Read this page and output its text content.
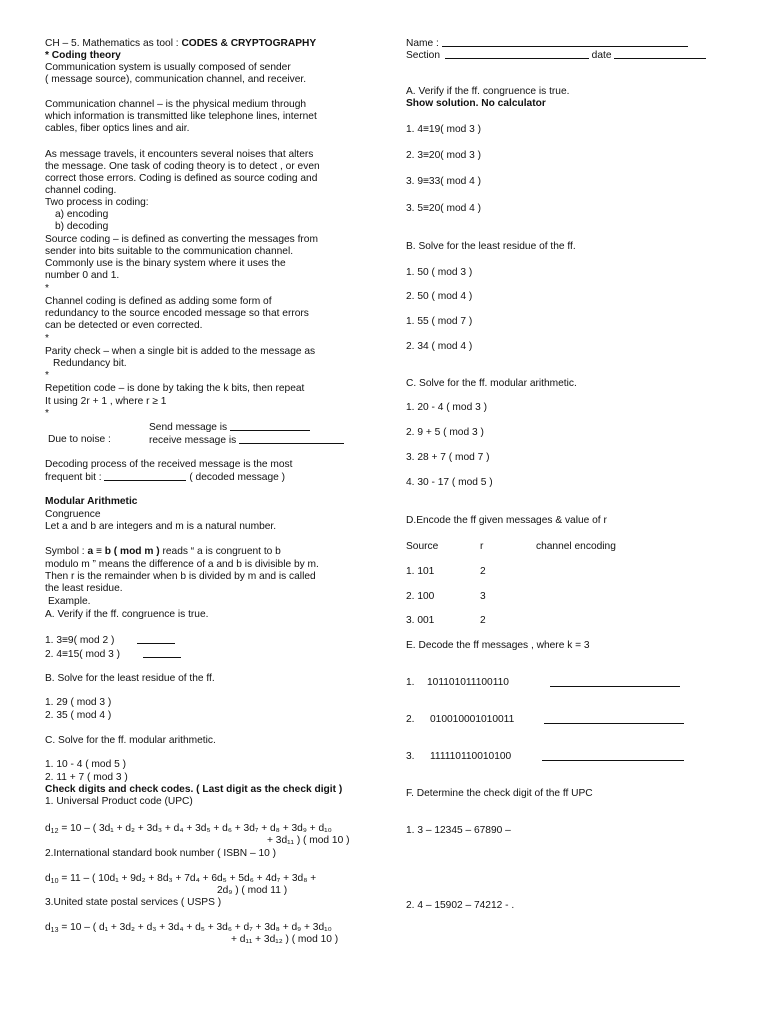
CH – 5. Mathematics as tool : CODES & CRYPTOGRAPHY
* Coding theory
Communication system is usually composed of sender
( message source), communication channel, and receiver.
Communication channel – is the physical medium through
which information is transmitted like telephone lines, internet
cables, fiber optics lines and air.
As message travels, it encounters several noises that alters
the message. One task of coding theory is to detect , or even
correct those errors. Coding is defined as source coding and
channel coding.
Two process in coding:
a) encoding
b) decoding
Source coding – is defined as converting the messages from
sender into bits suitable to the communication channel.
Commonly use is the binary system where it uses the
number 0 and 1.
*
Channel coding is defined as adding some form of
redundancy to the source encoded message so that errors
can be detected or even corrected.
*
Parity check – when a single bit is added to the message as
Redundancy bit.
*
Repetition code – is done by taking the k bits, then repeat
It using 2r + 1 , where r ≥ 1
*
Send message is
Due to noise :	receive message is
Decoding process of the received message is the most
frequent bit :	( decoded message )
Modular Arithmetic
Congruence
Let a and b are integers and m is a natural number.
Symbol : a ≡ b ( mod m ) reads “ a is congruent to b
modulo m ” means the difference of a and b is divisible by m.
Then r is the remainder when b is divided by m and is called
the least residue.
Example.
A. Verify if the ff. congruence is true.
1. 3≡9( mod 2 )
2. 4≡15( mod 3 )
B. Solve for the least residue of the ff.
1. 29 ( mod 3 )
2. 35 ( mod 4 )
C. Solve for the ff. modular arithmetic.
1. 10 - 4 ( mod 5 )
2. 11 + 7 ( mod 3 )
Check digits and check codes. ( Last digit as the check digit )
1. Universal Product code (UPC)
$d_{12} = 10$ – ( 3d₁ + d₂ + 3d₃ + d₄ + 3d₅ + d₆ + 3d₇ + d₈ + 3d₉ + d₁₀
+ 3d₁₁ ) ( mod 10 )
2.International standard book number ( ISBN – 10 )
$d_{10} = 11$ – ( 10d₁ + 9d₂ + 8d₃ + 7d₄ + 6d₅ + 5d₆ + 4d₇ + 3d₈ +
2d₉ ) ( mod 11 )
3.United state postal services ( USPS )
$d_{13} = 10$ – ( d₁ + 3d₂ + d₃ + 3d₄ + d₅ + 3d₆ + d₇ + 3d₈ + d₉ + 3d₁₀
+ d₁₁ + 3d₁₂ ) ( mod 10 )
Name :
Section	date
A. Verify if the ff. congruence is true.
Show solution. No calculator
1. 4≡19( mod 3 )
2. 3≡20( mod 3 )
3. 9≡33( mod 4 )
3. 5≡20( mod 4 )
B. Solve for the least residue of the ff.
1. 50 ( mod 3 )
2. 50 ( mod 4 )
1. 55 ( mod 7 )
2. 34 ( mod 4 )
C. Solve for the ff. modular arithmetic.
1. 20 - 4 ( mod 3 )
2. 9 + 5 ( mod 3 )
3. 28 + 7 ( mod 7 )
4. 30 - 17 ( mod 5 )
D.Encode the ff given messages & value of r
Source	r	channel encoding
1. 101	2
2. 100	3
3. 001	2
E. Decode the ff messages , where k = 3
1. 101101011100110
2. 010010001010011
3. 111110110010100
F. Determine the check digit of the ff UPC
1. 3 – 12345 – 67890 –
2. 4 – 15902 – 74212 - .
